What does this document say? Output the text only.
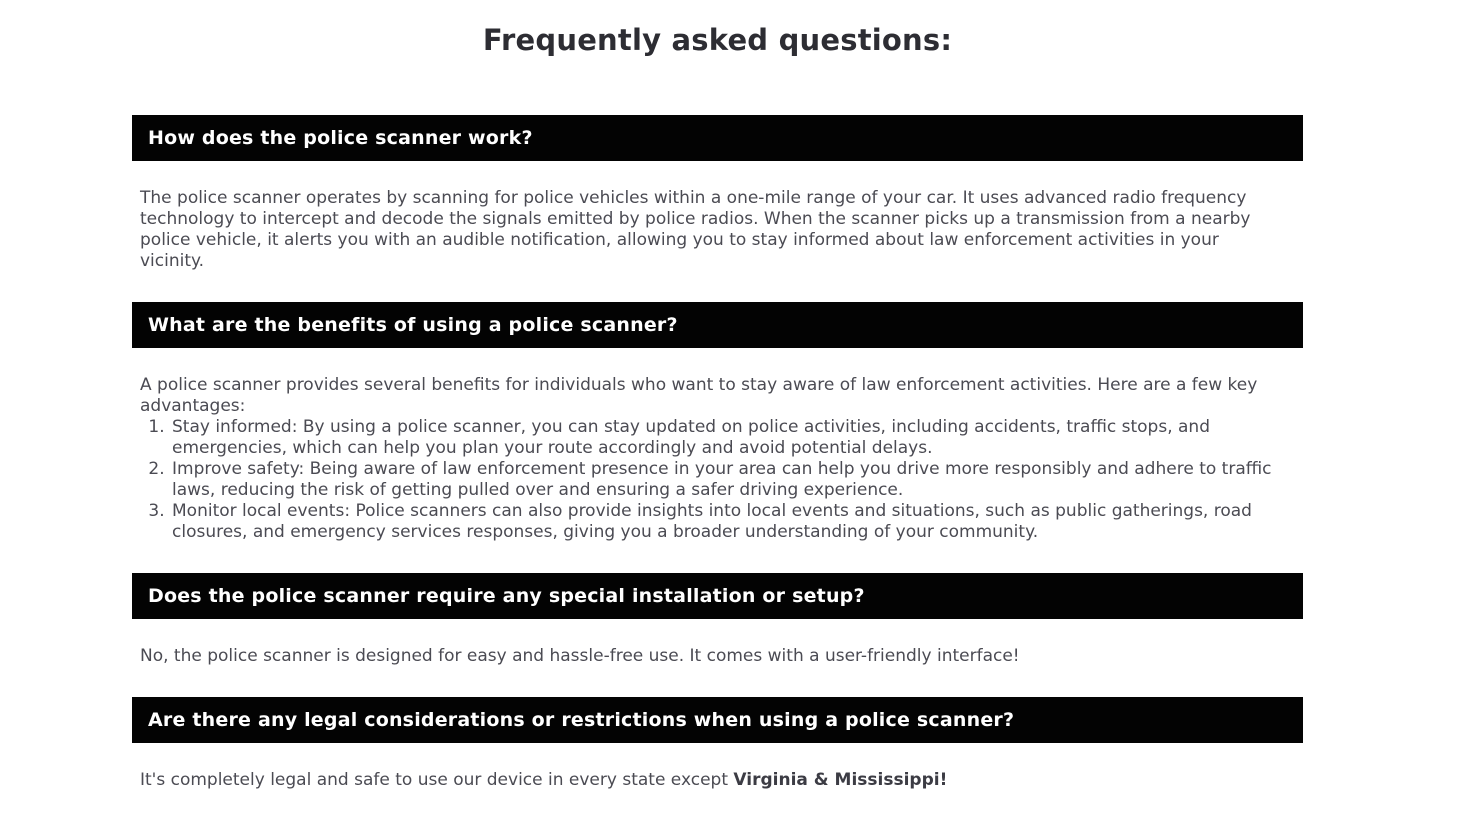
Frequently asked questions:
How does the police scanner work?

The police scanner operates by scanning for police vehicles within a one-mile range of your car. It uses advanced radio frequency technology to intercept and decode the signals emitted by police radios. When the scanner picks up a transmission from a nearby police vehicle, it alerts you with an audible notification, allowing you to stay informed about law enforcement activities in your vicinity.

What are the benefits of using a police scanner?

A police scanner provides several benefits for individuals who want to stay aware of law enforcement activities. Here are a few key advantages:

1. Stay informed: By using a police scanner, you can stay updated on police activities, including accidents, traffic stops, and emergencies, which can help you plan your route accordingly and avoid potential delays.
2. Improve safety: Being aware of law enforcement presence in your area can help you drive more responsibly and adhere to traffic laws, reducing the risk of getting pulled over and ensuring a safer driving experience.
3. Monitor local events: Police scanners can also provide insights into local events and situations, such as public gatherings, road closures, and emergency services responses, giving you a broader understanding of your community.
Does the police scanner require any special installation or setup?

No, the police scanner is designed for easy and hassle-free use. It comes with a user-friendly interface!

Are there any legal considerations or restrictions when using a police scanner?

It's completely legal and safe to use our device in every state except Virginia & Mississippi!
